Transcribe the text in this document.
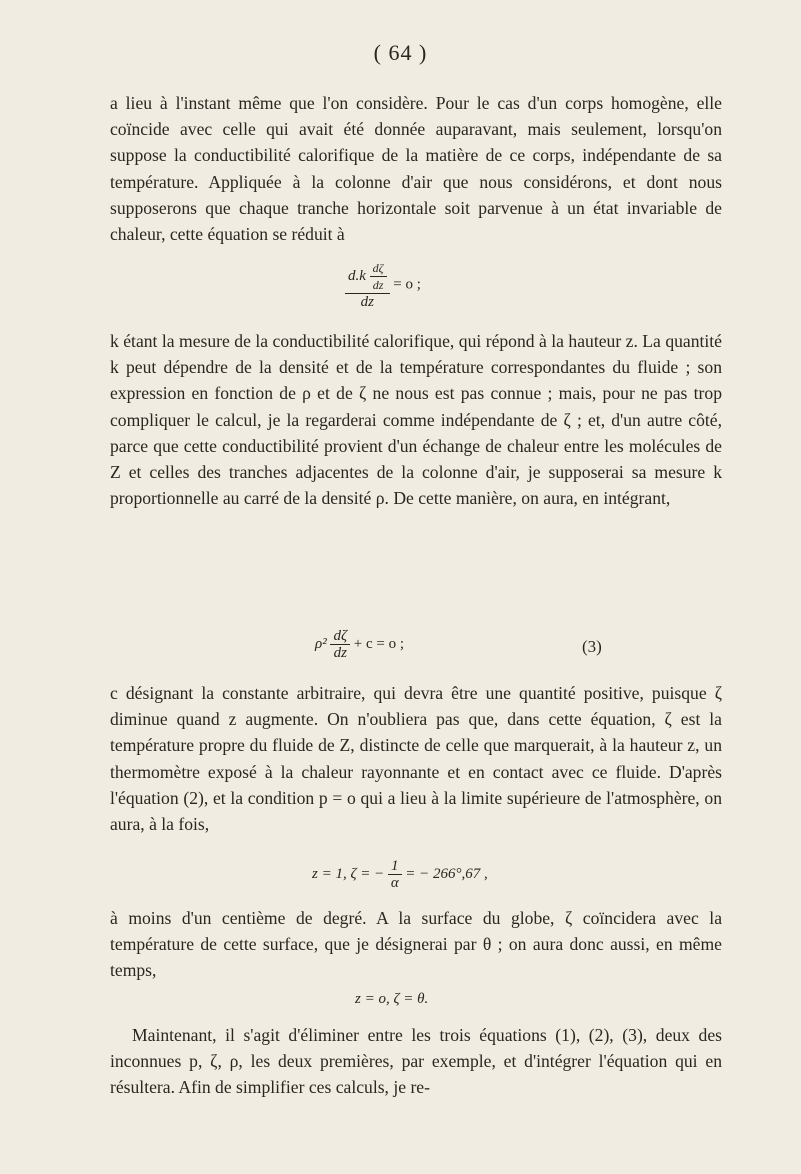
( 64 )
a lieu à l'instant même que l'on considère. Pour le cas d'un corps homogène, elle coïncide avec celle qui avait été donnée auparavant, mais seulement, lorsqu'on suppose la conductibilité calorifique de la matière de ce corps, indépendante de sa température. Appliquée à la colonne d'air que nous considérons, et dont nous supposerons que chaque tranche horizontale soit parvenue à un état invariable de chaleur, cette équation se réduit à
$\frac{d.k \frac{d\zeta}{dz}}{dz} = o$ ;
k étant la mesure de la conductibilité calorifique, qui répond à la hauteur z. La quantité k peut dépendre de la densité et de la température correspondantes du fluide ; son expression en fonction de ρ et de ζ ne nous est pas connue ; mais, pour ne pas trop compliquer le calcul, je la regarderai comme indépendante de ζ ; et, d'un autre côté, parce que cette conductibilité provient d'un échange de chaleur entre les molécules de Z et celles des tranches adjacentes de la colonne d'air, je supposerai sa mesure k proportionnelle au carré de la densité ρ. De cette manière, on aura, en intégrant,
$\rho^2 \frac{d\zeta}{dz} + c = o$ ;	(3)
c désignant la constante arbitraire, qui devra être une quantité positive, puisque ζ diminue quand z augmente. On n'oubliera pas que, dans cette équation, ζ est la température propre du fluide de Z, distincte de celle que marquerait, à la hauteur z, un thermomètre exposé à la chaleur rayonnante et en contact avec ce fluide. D'après l'équation (2), et la condition p = o qui a lieu à la limite supérieure de l'atmosphère, on aura, à la fois,
z = 1, ζ = − $\frac{1}{\alpha}$ = − 266°,67 ,
à moins d'un centième de degré. A la surface du globe, ζ coïncidera avec la température de cette surface, que je désignerai par θ ; on aura donc aussi, en même temps,
z = o, ζ = θ.
Maintenant, il s'agit d'éliminer entre les trois équations (1), (2), (3), deux des inconnues p, ζ, ρ, les deux premières, par exemple, et d'intégrer l'équation qui en résultera. Afin de simplifier ces calculs, je re-
